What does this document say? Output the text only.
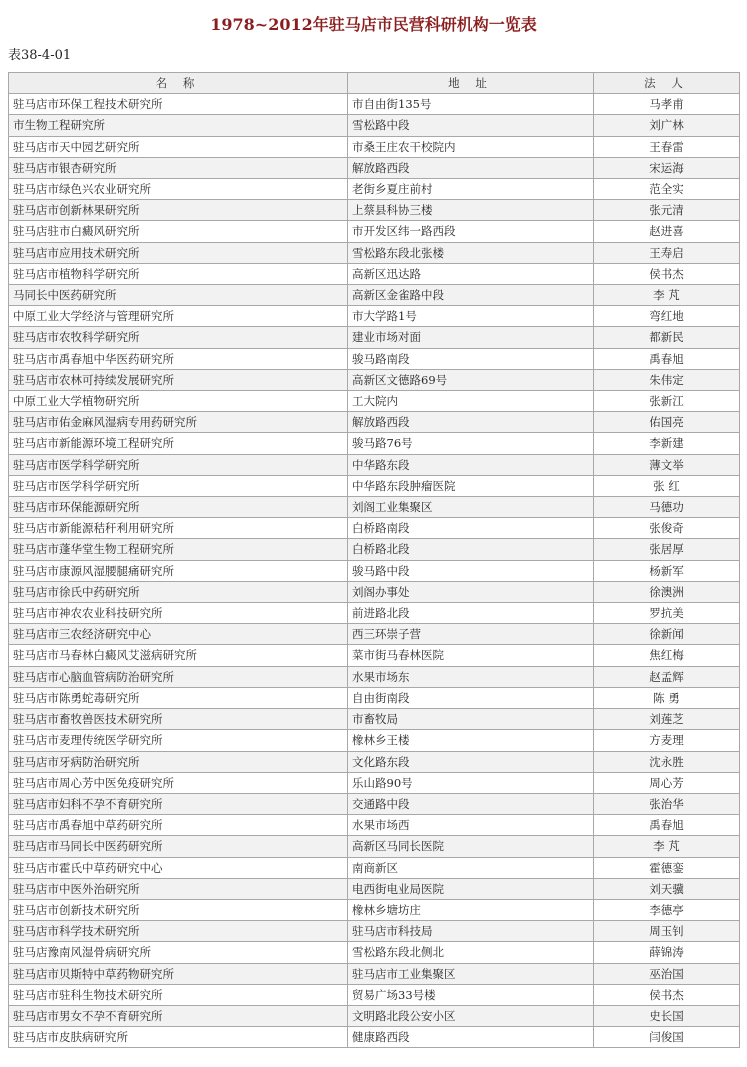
1978~2012年驻马店市民营科研机构一览表
表38-4-01
名 称	地 址	法 人
驻马店市环保工程技术研究所	市自由街135号	马孝甫
市生物工程研究所	雪松路中段	刘广林
驻马店市天中园艺研究所	市桑王庄农干校院内	王春雷
驻马店市银杏研究所	解放路西段	宋运海
驻马店市绿色兴农业研究所	老街乡夏庄前村	范全实
驻马店市创新林果研究所	上蔡县科协三楼	张元清
驻马店驻市白癜风研究所	市开发区纬一路西段	赵进喜
驻马店市应用技术研究所	雪松路东段北张楼	王寿启
驻马店市植物科学研究所	高新区迅达路	侯书杰
马同长中医药研究所	高新区金雀路中段	李 芃
中原工业大学经济与管理研究所	市大学路1号	弯红地
驻马店市农牧科学研究所	建业市场对面	都新民
驻马店市禹春旭中华医药研究所	骏马路南段	禹春旭
驻马店市农林可持续发展研究所	高新区文德路69号	朱伟定
中原工业大学植物研究所	工大院内	张新江
驻马店市佑金麻风湿病专用药研究所	解放路西段	佑国亮
驻马店市新能源环境工程研究所	骏马路76号	李新建
驻马店市医学科学研究所	中华路东段	薄文举
驻马店市医学科学研究所	中华路东段肿瘤医院	张 红
驻马店市环保能源研究所	刘阁工业集聚区	马德功
驻马店市新能源秸秆利用研究所	白桥路南段	张俊奇
驻马店市蓬华堂生物工程研究所	白桥路北段	张居厚
驻马店市康源风湿腰腿痛研究所	骏马路中段	杨新军
驻马店市徐氏中药研究所	刘阁办事处	徐澳洲
驻马店市神农农业科技研究所	前进路北段	罗抗美
驻马店市三农经济研究中心	西三环崇子营	徐新闻
驻马店市马春林白癜风艾滋病研究所	菜市街马春林医院	焦红梅
驻马店市心脑血管病防治研究所	水果市场东	赵孟辉
驻马店市陈勇蛇毒研究所	自由街南段	陈 勇
驻马店市畜牧兽医技术研究所	市畜牧局	刘莲芝
驻马店市麦理传统医学研究所	橡林乡王楼	方麦理
驻马店市牙病防治研究所	文化路东段	沈永胜
驻马店市周心芳中医免疫研究所	乐山路90号	周心芳
驻马店市妇科不孕不育研究所	交通路中段	张治华
驻马店市禹春旭中草药研究所	水果市场西	禹春旭
驻马店市马同长中医药研究所	高新区马同长医院	李 芃
驻马店市霍氏中草药研究中心	南商新区	霍德銮
驻马店市中医外治研究所	电西街电业局医院	刘天骥
驻马店市创新技术研究所	橡林乡塘坊庄	李德亭
驻马店市科学技术研究所	驻马店市科技局	周玉钊
驻马店豫南风湿骨病研究所	雪松路东段北侧北	薛锦涛
驻马店市贝斯特中草药物研究所	驻马店市工业集聚区	巫治国
驻马店市驻科生物技术研究所	贸易广场33号楼	侯书杰
驻马店市男女不孕不育研究所	文明路北段公安小区	史长国
驻马店市皮肤病研究所	健康路西段	闫俊国
